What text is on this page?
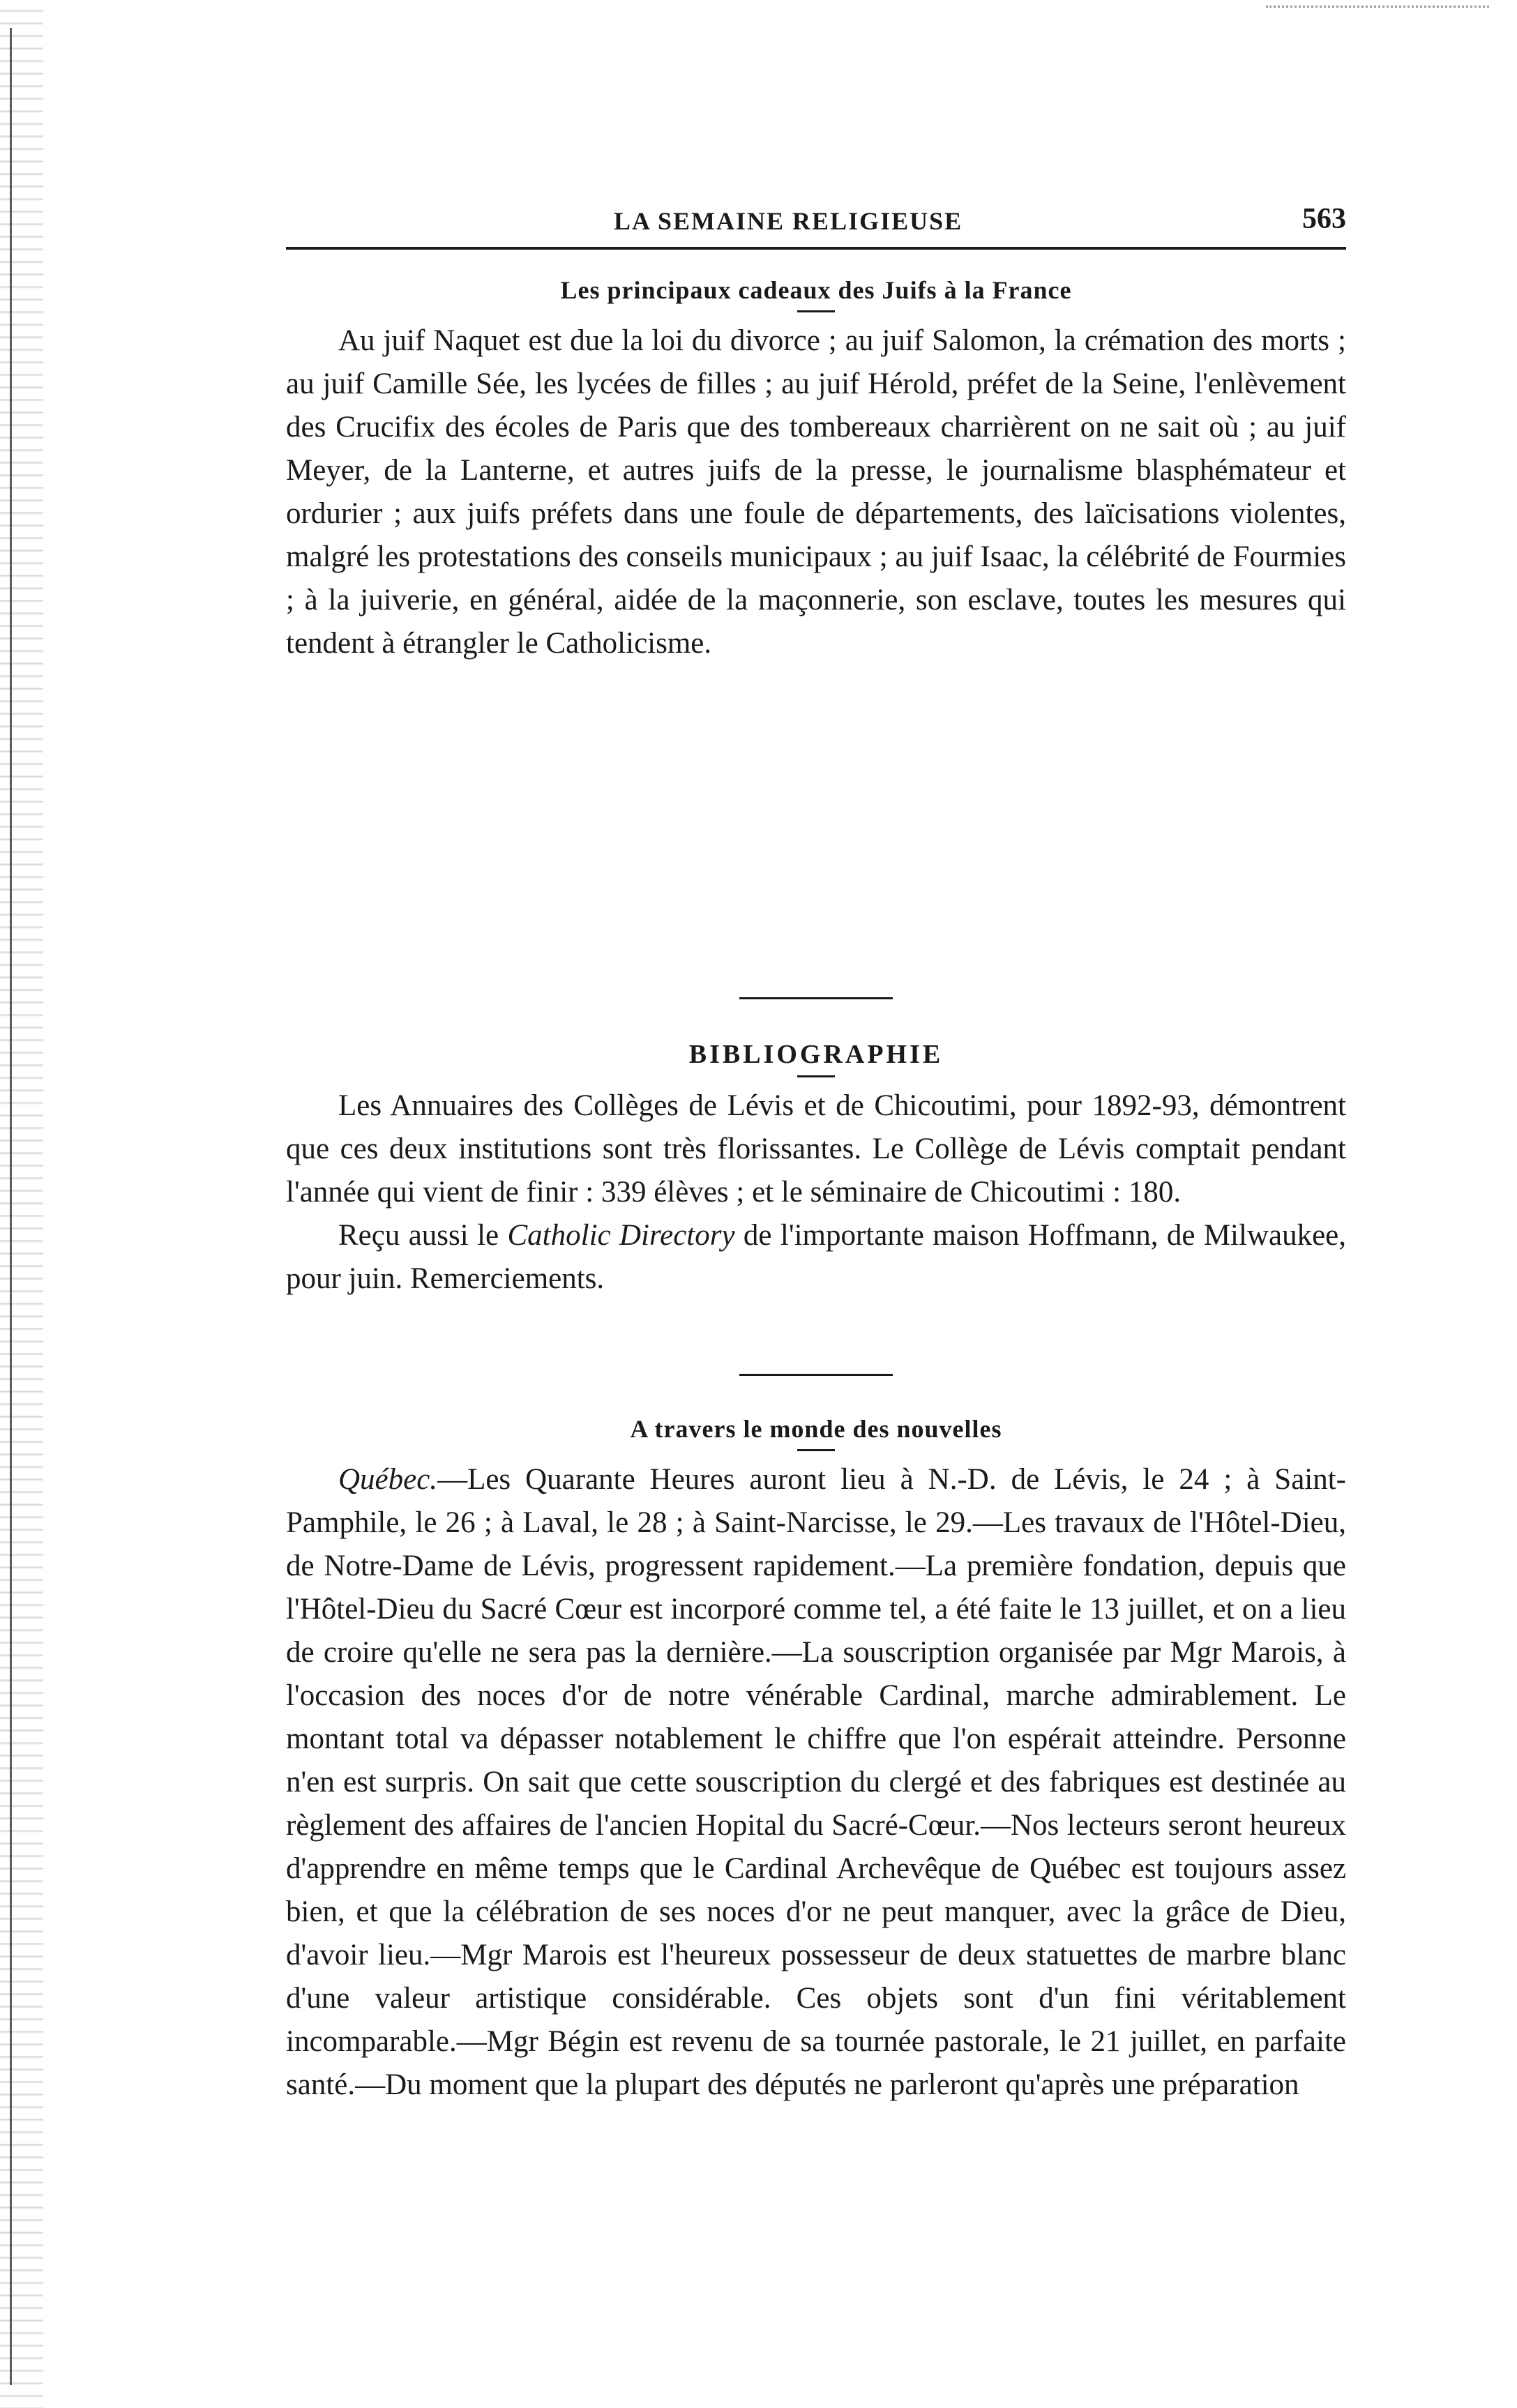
LA SEMAINE RELIGIEUSE	563
Les principaux cadeaux des Juifs à la France

Au juif Naquet est due la loi du divorce ; au juif Salomon, la crémation des morts ; au juif Camille Sée, les lycées de filles ; au juif Hérold, préfet de la Seine, l'enlèvement des Crucifix des écoles de Paris que des tombereaux charrièrent on ne sait où ; au juif Meyer, de la Lanterne, et autres juifs de la presse, le journalisme blasphémateur et ordurier ; aux juifs préfets dans une foule de départements, des laïcisations violentes, malgré les protestations des conseils municipaux ; au juif Isaac, la célébrité de Fourmies ; à la juiverie, en général, aidée de la maçonnerie, son esclave, toutes les mesures qui tendent à étrangler le Catholicisme.

BIBLIOGRAPHIE

Les Annuaires des Collèges de Lévis et de Chicoutimi, pour 1892-93, démontrent que ces deux institutions sont très florissantes. Le Collège de Lévis comptait pendant l'année qui vient de finir : 339 élèves ; et le séminaire de Chicoutimi : 180.

Reçu aussi le Catholic Directory de l'importante maison Hoffmann, de Milwaukee, pour juin. Remerciements.

A travers le monde des nouvelles

Québec.—Les Quarante Heures auront lieu à N.-D. de Lévis, le 24 ; à Saint-Pamphile, le 26 ; à Laval, le 28 ; à Saint-Narcisse, le 29.—Les travaux de l'Hôtel-Dieu, de Notre-Dame de Lévis, progressent rapidement.—La première fondation, depuis que l'Hôtel-Dieu du Sacré Cœur est incorporé comme tel, a été faite le 13 juillet, et on a lieu de croire qu'elle ne sera pas la dernière.—La souscription organisée par Mgr Marois, à l'occasion des noces d'or de notre vénérable Cardinal, marche admirablement. Le montant total va dépasser notablement le chiffre que l'on espérait atteindre. Personne n'en est surpris. On sait que cette souscription du clergé et des fabriques est destinée au règlement des affaires de l'ancien Hopital du Sacré-Cœur.—Nos lecteurs seront heureux d'apprendre en même temps que le Cardinal Archevêque de Québec est toujours assez bien, et que la célébration de ses noces d'or ne peut manquer, avec la grâce de Dieu, d'avoir lieu.—Mgr Marois est l'heureux possesseur de deux statuettes de marbre blanc d'une valeur artistique considérable. Ces objets sont d'un fini véritablement incomparable.—Mgr Bégin est revenu de sa tournée pastorale, le 21 juillet, en parfaite santé.—Du moment que la plupart des députés ne parleront qu'après une préparation
